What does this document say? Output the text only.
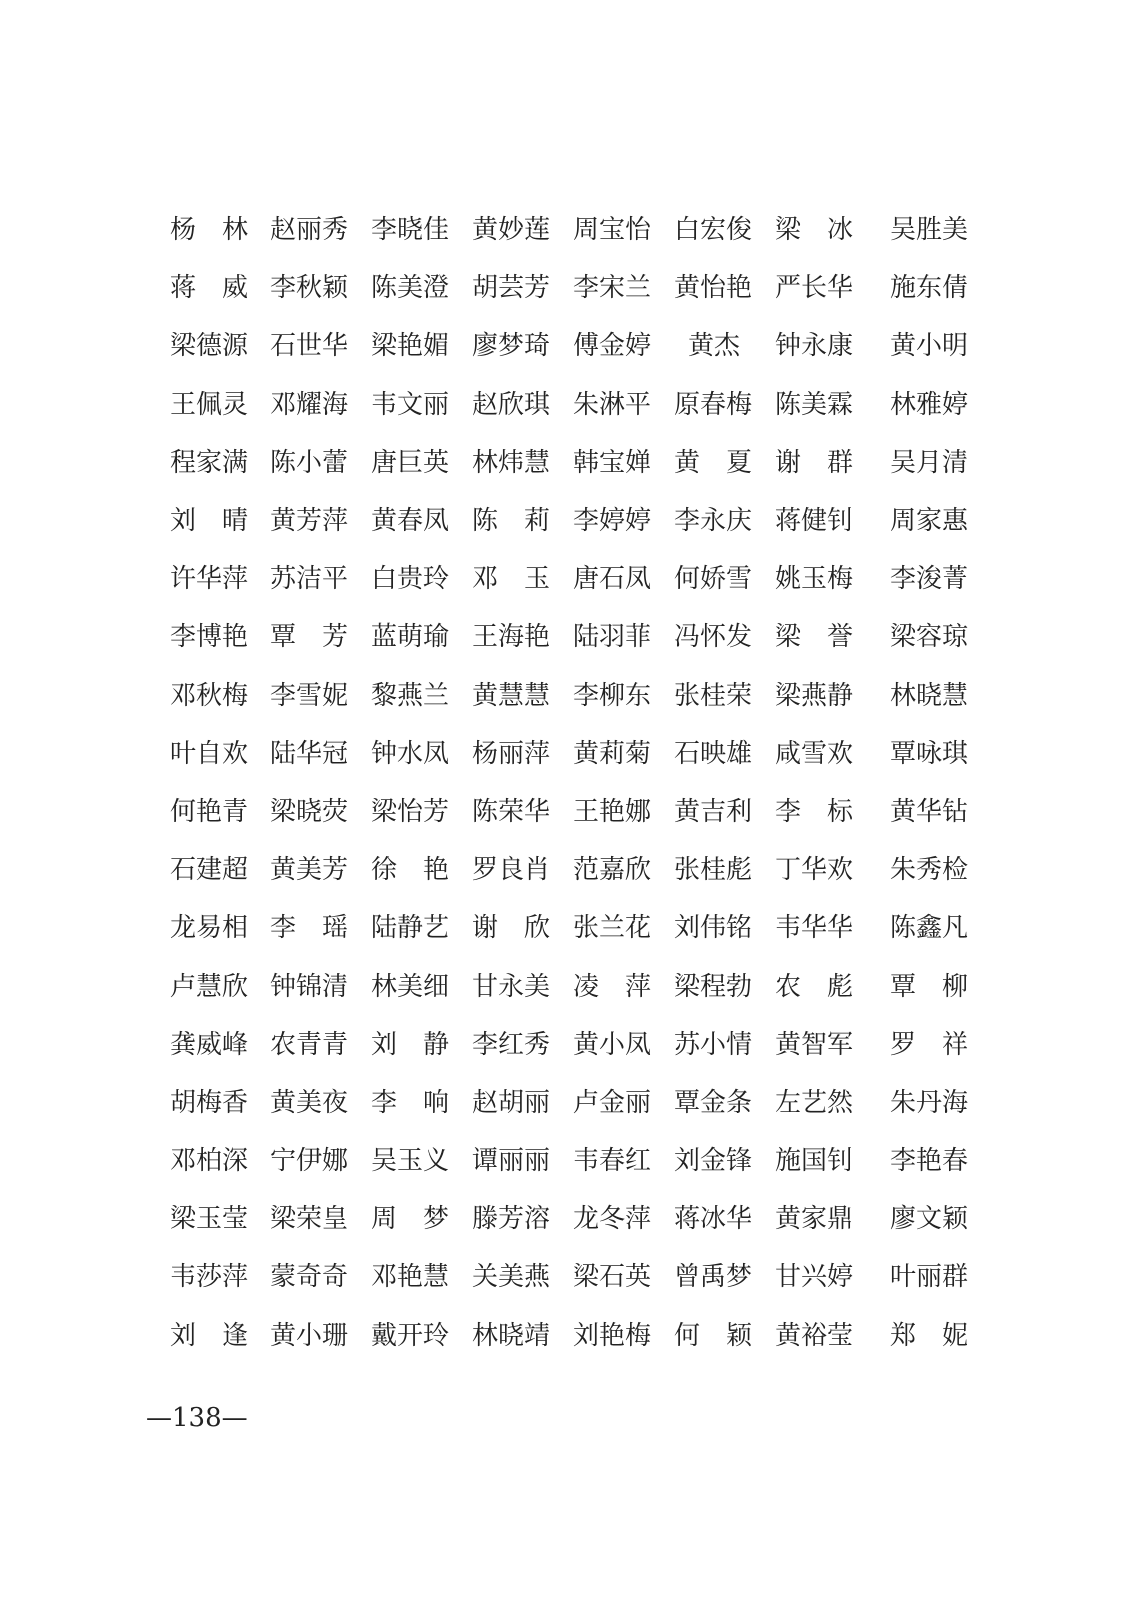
杨 林 赵丽秀 李晓佳 黄妙莲 周宝怡 白宏俊 梁 冰 吴胜美
蒋 威 李秋颖 陈美澄 胡芸芳 李宋兰 黄怡艳 严长华	施东倩
梁德源 石世华 梁艳媚 廖梦琦 傅金婷	黄杰	钟永康	黄小明
王佩灵 邓耀海 韦文丽 赵欣琪 朱淋平 原春梅 陈美霖	林雅婷
程家满 陈小蕾 唐巨英 林炜慧 韩宝婵 黄 夏 谢 群 吴月清
刘 晴 黄芳萍 黄春凤 陈 莉 李婷婷 李永庆 蒋健钊	周家惠
许华萍 苏洁平 白贵玲 邓 玉 唐石凤 何娇雪 姚玉梅	李浚菁
李博艳 覃 芳 蓝萌瑜 王海艳 陆羽菲 冯怀发 梁 誉 梁容琼
邓秋梅 李雪妮 黎燕兰 黄慧慧 李柳东 张桂荣 梁燕静	林晓慧
叶自欢 陆华冠 钟水凤 杨丽萍 黄莉菊 石映雄 咸雪欢	覃咏琪
何艳青 梁晓荧 梁怡芳 陈荣华 王艳娜 黄吉利 李 标 黄华钻
石建超 黄美芳 徐 艳 罗良肖 范嘉欣 张桂彪 丁华欢	朱秀检
龙易相 李 瑶 陆静艺 谢 欣 张兰花 刘伟铭 韦华华	陈鑫凡
卢慧欣 钟锦清 林美细 甘永美 凌 萍 梁程勃 农 彪 覃 柳
龚威峰 农青青 刘 静 李红秀 黄小凤 苏小情 黄智军	罗 祥
胡梅香 黄美夜 李 响 赵胡丽 卢金丽 覃金条 左艺然	朱丹海
邓柏深 宁伊娜 吴玉义 谭丽丽 韦春红 刘金锋 施国钊	李艳春
梁玉莹 梁荣皇 周 梦 滕芳溶 龙冬萍 蒋冰华 黄家鼎	廖文颖
韦莎萍 蒙奇奇 邓艳慧 关美燕 梁石英 曾禹梦 甘兴婷	叶丽群
刘 逢 黄小珊 戴开玲 林晓靖 刘艳梅 何 颖 黄裕莹	郑 妮
—138—
